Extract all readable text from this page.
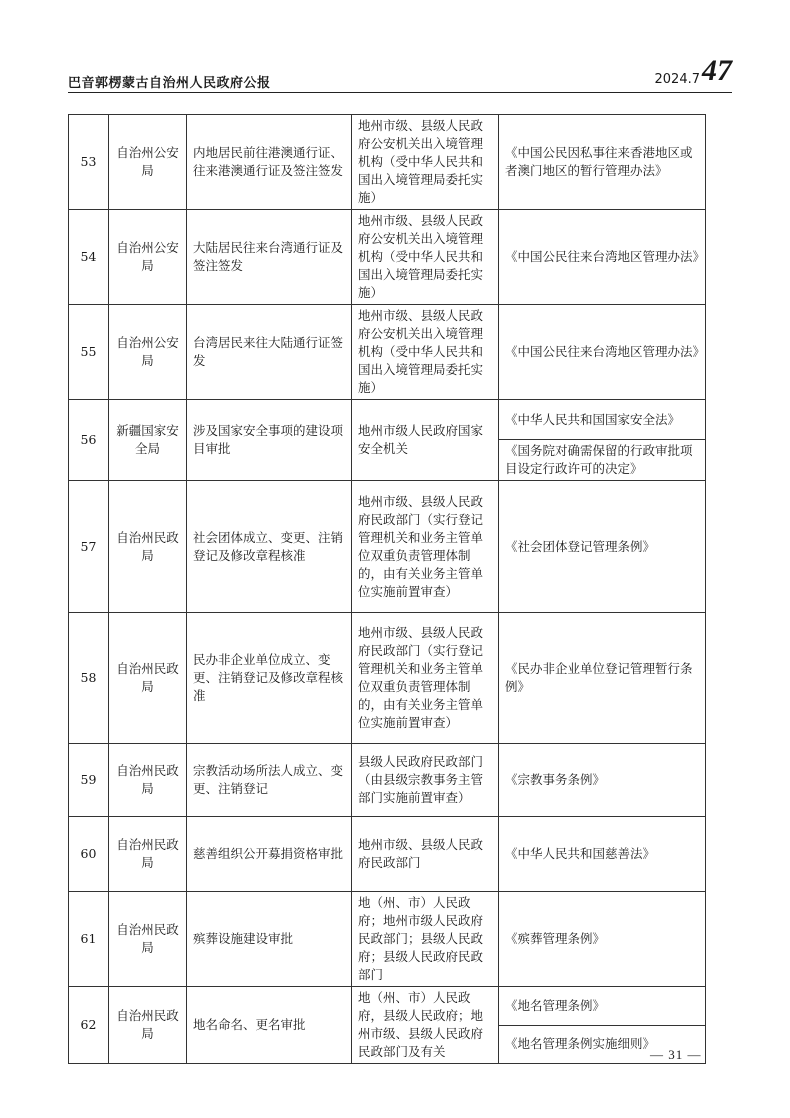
巴音郭楞蒙古自治州人民政府公报	2024.7 47
53	自治州公安局	内地居民前往港澳通行证、往来港澳通行证及签注签发	地州市级、县级人民政府公安机关出入境管理机构（受中华人民共和国出入境管理局委托实施）	《中国公民因私事往来香港地区或者澳门地区的暂行管理办法》
54	自治州公安局	大陆居民往来台湾通行证及签注签发	地州市级、县级人民政府公安机关出入境管理机构（受中华人民共和国出入境管理局委托实施）	《中国公民往来台湾地区管理办法》
55	自治州公安局	台湾居民来往大陆通行证签发	地州市级、县级人民政府公安机关出入境管理机构（受中华人民共和国出入境管理局委托实施）	《中国公民往来台湾地区管理办法》
56	新疆国家安全局	涉及国家安全事项的建设项目审批	地州市级人民政府国家安全机关	《中华人民共和国国家安全法》
				《国务院对确需保留的行政审批项目设定行政许可的决定》
57	自治州民政局	社会团体成立、变更、注销登记及修改章程核准	地州市级、县级人民政府民政部门（实行登记管理机关和业务主管单位双重负责管理体制的，由有关业务主管单位实施前置审查）	《社会团体登记管理条例》
58	自治州民政局	民办非企业单位成立、变更、注销登记及修改章程核准	地州市级、县级人民政府民政部门（实行登记管理机关和业务主管单位双重负责管理体制的，由有关业务主管单位实施前置审查）	《民办非企业单位登记管理暂行条例》
59	自治州民政局	宗教活动场所法人成立、变更、注销登记	县级人民政府民政部门（由县级宗教事务主管部门实施前置审查）	《宗教事务条例》
60	自治州民政局	慈善组织公开募捐资格审批	地州市级、县级人民政府民政部门	《中华人民共和国慈善法》
61	自治州民政局	殡葬设施建设审批	地（州、市）人民政府；地州市级人民政府民政部门；县级人民政府；县级人民政府民政部门	《殡葬管理条例》
62	自治州民政局	地名命名、更名审批	地（州、市）人民政府，县级人民政府；地州市级、县级人民政府民政部门及有关	《地名管理条例》
				《地名管理条例实施细则》
— 31 —
